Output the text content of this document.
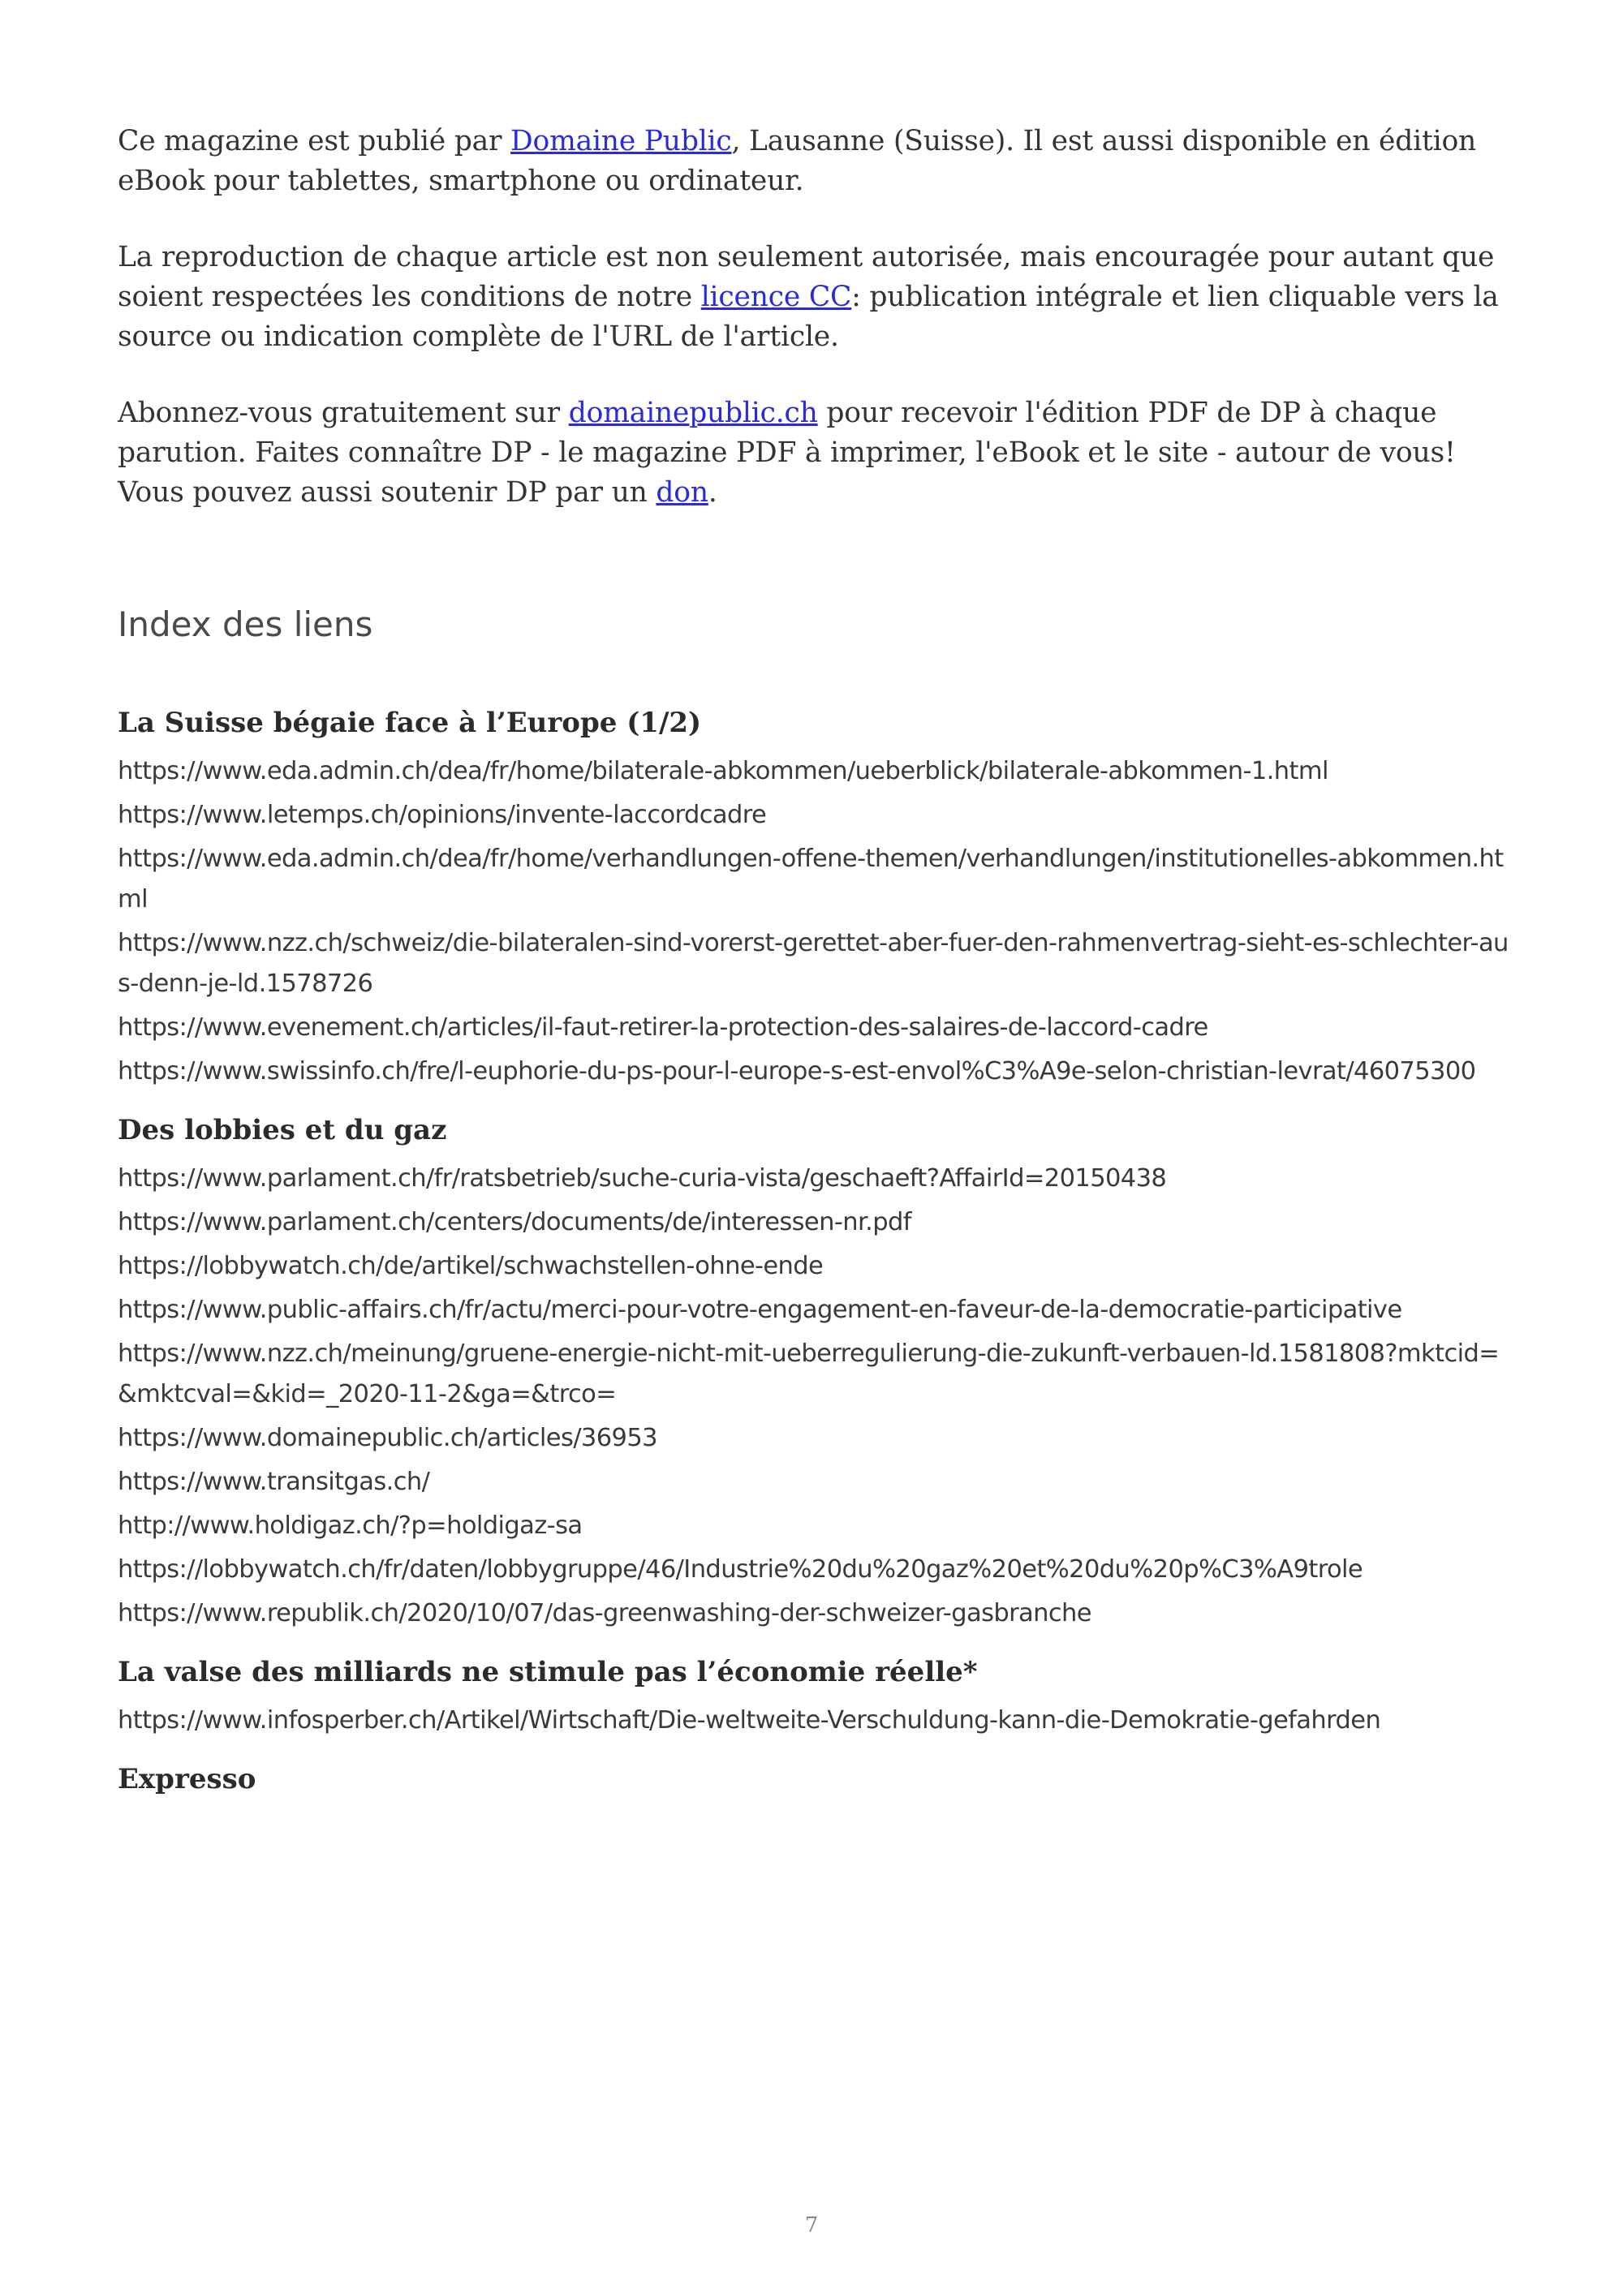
Ce magazine est publié par Domaine Public, Lausanne (Suisse). Il est aussi disponible en édition eBook pour tablettes, smartphone ou ordinateur.

La reproduction de chaque article est non seulement autorisée, mais encouragée pour autant que soient respectées les conditions de notre licence CC: publication intégrale et lien cliquable vers la source ou indication complète de l'URL de l'article.

Abonnez-vous gratuitement sur domainepublic.ch pour recevoir l'édition PDF de DP à chaque parution. Faites connaître DP - le magazine PDF à imprimer, l'eBook et le site - autour de vous! Vous pouvez aussi soutenir DP par un don.

Index des liens
La Suisse bégaie face à l’Europe (1/2)
https://www.eda.admin.ch/dea/fr/home/bilaterale-abkommen/ueberblick/bilaterale-abkommen-1.html
https://www.letemps.ch/opinions/invente-laccordcadre
https://www.eda.admin.ch/dea/fr/home/verhandlungen-offene-themen/verhandlungen/institutionelles-abkommen.html
https://www.nzz.ch/schweiz/die-bilateralen-sind-vorerst-gerettet-aber-fuer-den-rahmenvertrag-sieht-es-schlechter-aus-denn-je-ld.1578726
https://www.evenement.ch/articles/il-faut-retirer-la-protection-des-salaires-de-laccord-cadre
https://www.swissinfo.ch/fre/l-euphorie-du-ps-pour-l-europe-s-est-envol%C3%A9e-selon-christian-levrat/46075300
Des lobbies et du gaz
https://www.parlament.ch/fr/ratsbetrieb/suche-curia-vista/geschaeft?AffairId=20150438
https://www.parlament.ch/centers/documents/de/interessen-nr.pdf
https://lobbywatch.ch/de/artikel/schwachstellen-ohne-ende
https://www.public-affairs.ch/fr/actu/merci-pour-votre-engagement-en-faveur-de-la-democratie-participative
https://www.nzz.ch/meinung/gruene-energie-nicht-mit-ueberregulierung-die-zukunft-verbauen-ld.1581808?mktcid=&mktcval=&kid=_2020-11-2&ga=&trco=
https://www.domainepublic.ch/articles/36953
https://www.transitgas.ch/
http://www.holdigaz.ch/?p=holdigaz-sa
https://lobbywatch.ch/fr/daten/lobbygruppe/46/Industrie%20du%20gaz%20et%20du%20p%C3%A9trole
https://www.republik.ch/2020/10/07/das-greenwashing-der-schweizer-gasbranche
La valse des milliards ne stimule pas l’économie réelle*
https://www.infosperber.ch/Artikel/Wirtschaft/Die-weltweite-Verschuldung-kann-die-Demokratie-gefahrden
Expresso
7
